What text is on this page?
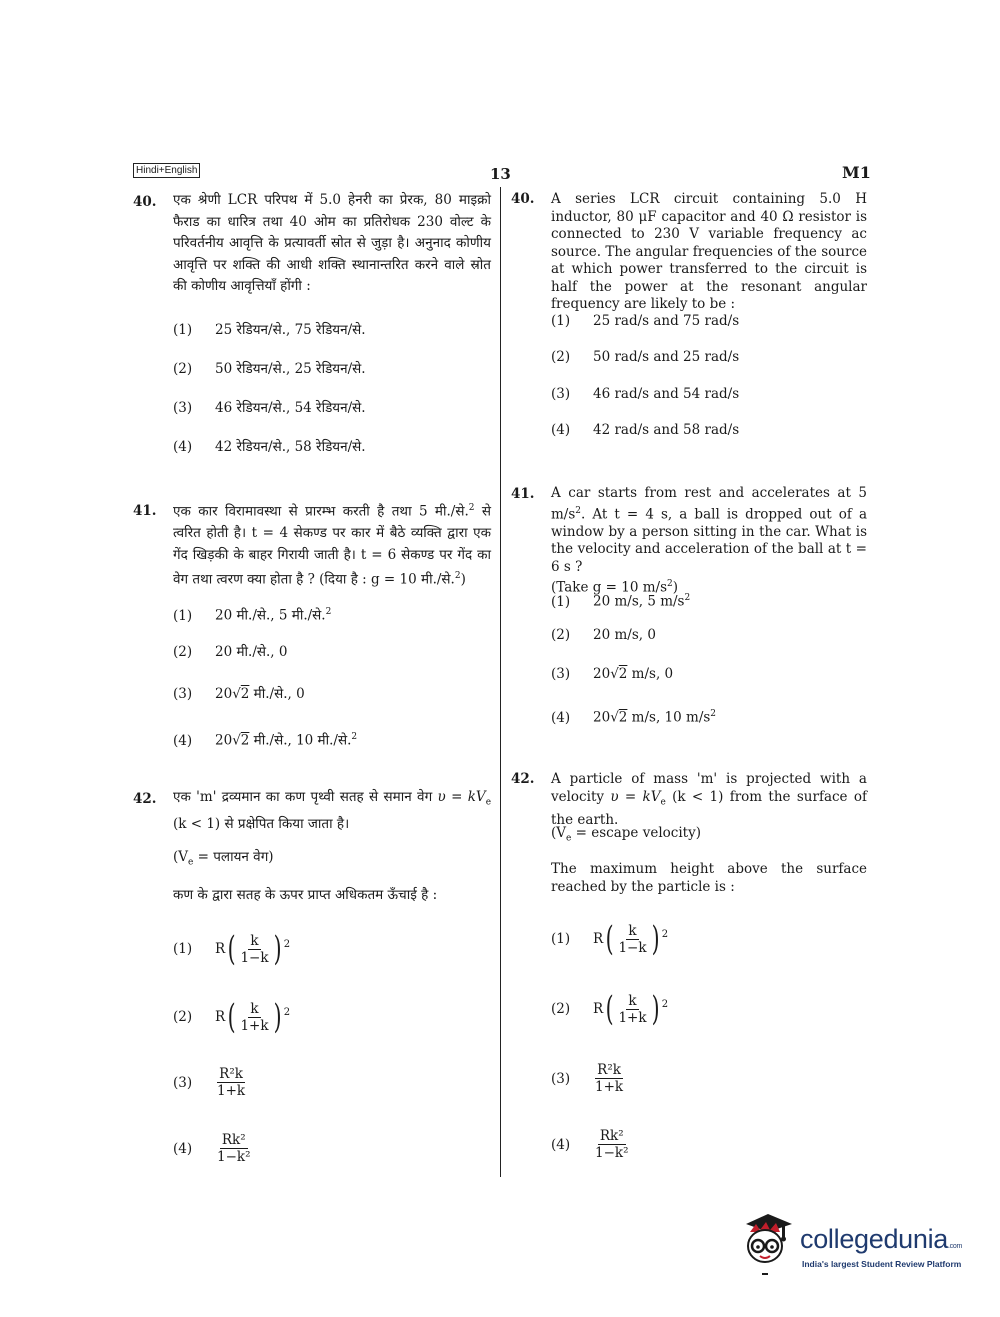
Hindi+English	13	M1
40. एक श्रेणी LCR परिपथ में 5.0 हेनरी का प्रेरक, 80 माइक्रो फैराड का धारित्र तथा 40 ओम का प्रतिरोधक 230 वोल्ट के परिवर्तनीय आवृत्ति के प्रत्यावर्ती स्रोत से जुड़ा है। अनुनाद कोणीय आवृत्ति पर शक्ति की आधी शक्ति स्थानान्तरित करने वाले स्रोत की कोणीय आवृत्तियाँ होंगी :
(1) 25 रेडियन/से., 75 रेडियन/से.
(2) 50 रेडियन/से., 25 रेडियन/से.
(3) 46 रेडियन/से., 54 रेडियन/से.
(4) 42 रेडियन/से., 58 रेडियन/से.
40. A series LCR circuit containing 5.0 H inductor, 80 μF capacitor and 40 Ω resistor is connected to 230 V variable frequency ac source. The angular frequencies of the source at which power transferred to the circuit is half the power at the resonant angular frequency are likely to be :
(1) 25 rad/s and 75 rad/s
(2) 50 rad/s and 25 rad/s
(3) 46 rad/s and 54 rad/s
(4) 42 rad/s and 58 rad/s
41. एक कार विरामावस्था से प्रारम्भ करती है तथा 5 मी./से.$^2$ से त्वरित होती है। t = 4 सेकण्ड पर कार में बैठे व्यक्ति द्वारा एक गेंद खिड़की के बाहर गिरायी जाती है। t = 6 सेकण्ड पर गेंद का वेग तथा त्वरण क्या होता है ? (दिया है : g = 10 मी./से.$^2$)
(1) 20 मी./से., 5 मी./से.$^2$
(2) 20 मी./से., 0
(3) 20√2 मी./से., 0
(4) 20√2 मी./से., 10 मी./से.$^2$
41. A car starts from rest and accelerates at 5 $m/s^2$. At t = 4 s, a ball is dropped out of a window by a person sitting in the car. What is the velocity and acceleration of the ball at t = 6 s ?
(Take g = 10 $m/s^2$)
(1) 20 m/s, 5 $m/s^2$
(2) 20 m/s, 0
(3) 20√2 m/s, 0
(4) 20√2 m/s, 10 $m/s^2$
42. एक 'm' द्रव्यमान का कण पृथ्वी सतह से समान वेग $\upsilon = kV_e$ (k < 1) से प्रक्षेपित किया जाता है।
($V_e$ = पलायन वेग)
कण के द्वारा सतह के ऊपर प्राप्त अधिकतम ऊँचाई है :
(1)	R ( $\frac{k}{1-k}$ ) 2
(2)	R ( $\frac{k}{1+k}$ ) 2
(3)	$\frac{\text{R²k}}{1+k}$
(4)	$\frac{\text{Rk²}}{\text{1−k²}}$
42. A particle of mass 'm' is projected with a velocity $\upsilon = kV_e$ (k < 1) from the surface of the earth.
($V_e$ = escape velocity)
The maximum height above the surface reached by the particle is :
(1)	R ( $\frac{k}{1-k}$ ) 2
(2)	R ( $\frac{k}{1+k}$ ) 2
(3)	$\frac{\text{R²k}}{1+k}$
(4)	$\frac{\text{Rk²}}{\text{1−k²}}$
collegedunia.com
India's largest Student Review Platform
